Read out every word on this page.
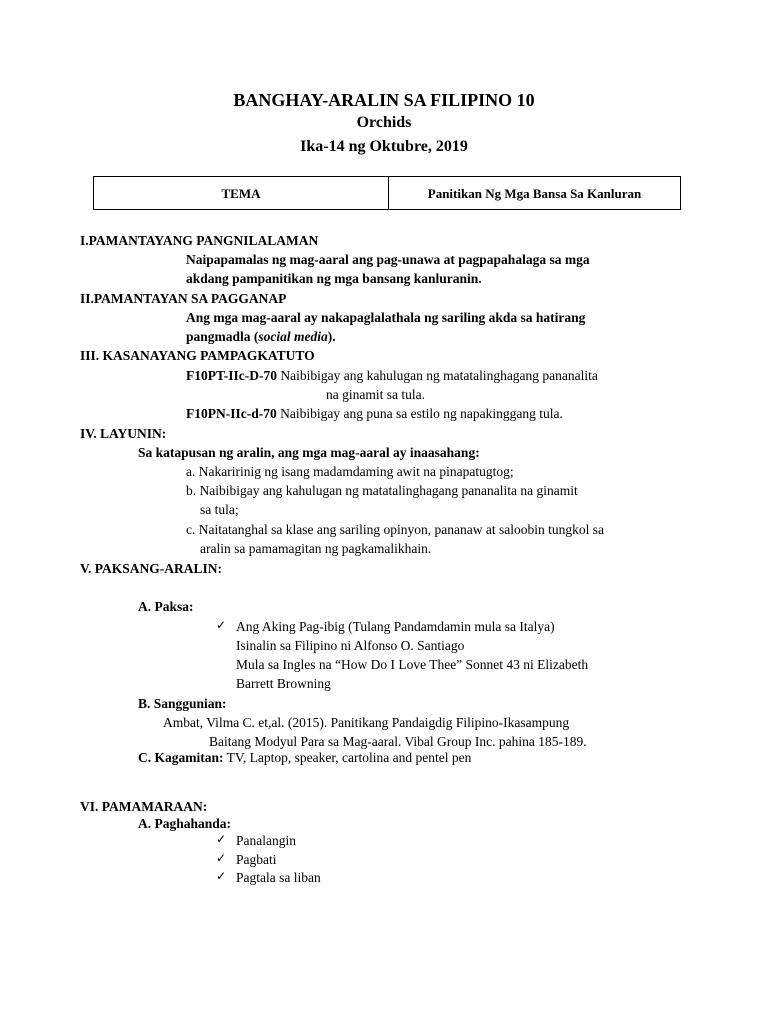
BANGHAY-ARALIN SA FILIPINO 10
Orchids
Ika-14 ng Oktubre, 2019
TEMA	Panitikan Ng Mga Bansa Sa Kanluran
I.PAMANTAYANG PANGNILALAMAN
Naipapamalas ng mag-aaral ang pag-unawa at pagpapahalaga sa mga
akdang pampanitikan ng mga bansang kanluranin.
II.PAMANTAYAN SA PAGGANAP
Ang mga mag-aaral ay nakapaglalathala ng sariling akda sa hatirang
pangmadla (social media).
III. KASANAYANG PAMPAGKATUTO
F10PT-IIc-D-70 Naibibigay ang kahulugan ng matatalinghagang pananalita
na ginamit sa tula.
F10PN-IIc-d-70 Naibibigay ang puna sa estilo ng napakinggang tula.
IV. LAYUNIN:
Sa katapusan ng aralin, ang mga mag-aaral ay inaasahang:
a. Nakaririnig ng isang madamdaming awit na pinapatugtog;
b. Naibibigay ang kahulugan ng matatalinghagang pananalita na ginamit
sa tula;
c. Naitatanghal sa klase ang sariling opinyon, pananaw at saloobin tungkol sa
aralin sa pamamagitan ng pagkamalikhain.
V. PAKSANG-ARALIN:
A. Paksa:
✓ Ang Aking Pag-ibig (Tulang Pandamdamin mula sa Italya)
Isinalin sa Filipino ni Alfonso O. Santiago
Mula sa Ingles na “How Do I Love Thee” Sonnet 43 ni Elizabeth
Barrett Browning
B. Sanggunian:
Ambat, Vilma C. et,al. (2015). Panitikang Pandaigdig Filipino-Ikasampung
Baitang Modyul Para sa Mag-aaral. Vibal Group Inc. pahina 185-189.
C. Kagamitan: TV, Laptop, speaker, cartolina and pentel pen
VI. PAMAMARAAN:
A. Paghahanda:
✓ Panalangin
✓ Pagbati
✓ Pagtala sa liban
